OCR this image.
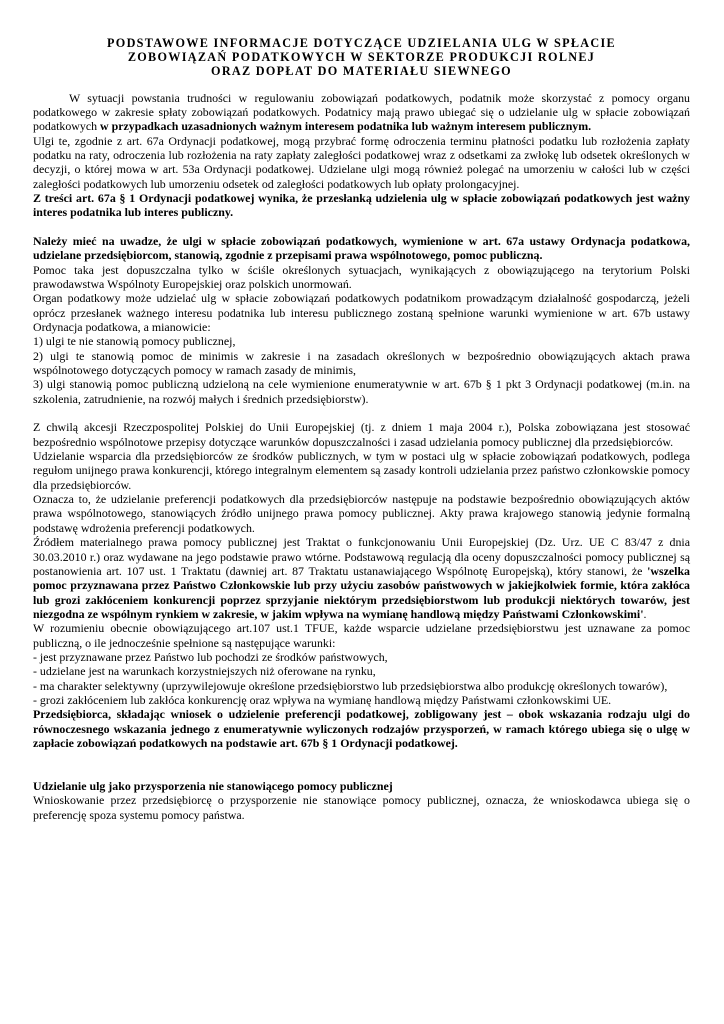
PODSTAWOWE INFORMACJE DOTYCZĄCE UDZIELANIA ULG W SPŁACIE
ZOBOWIĄZAŃ PODATKOWYCH W SEKTORZE PRODUKCJI ROLNEJ
ORAZ DOPŁAT DO MATERIAŁU SIEWNEGO

W sytuacji powstania trudności w regulowaniu zobowiązań podatkowych, podatnik może skorzystać z pomocy organu podatkowego w zakresie spłaty zobowiązań podatkowych. Podatnicy mają prawo ubiegać się o udzielanie ulg w spłacie zobowiązań podatkowych w przypadkach uzasadnionych ważnym interesem podatnika lub ważnym interesem publicznym.

Ulgi te, zgodnie z art. 67a Ordynacji podatkowej, mogą przybrać formę odroczenia terminu płatności podatku lub rozłożenia zapłaty podatku na raty, odroczenia lub rozłożenia na raty zapłaty zaległości podatkowej wraz z odsetkami za zwłokę lub odsetek określonych w decyzji, o której mowa w art. 53a Ordynacji podatkowej. Udzielane ulgi mogą również polegać na umorzeniu w całości lub w części zaległości podatkowych lub umorzeniu odsetek od zaległości podatkowych lub opłaty prolongacyjnej.

Z treści art. 67a § 1 Ordynacji podatkowej wynika, że przesłanką udzielenia ulg w spłacie zobowiązań podatkowych jest ważny interes podatnika lub interes publiczny.

Należy mieć na uwadze, że ulgi w spłacie zobowiązań podatkowych, wymienione w art. 67a ustawy Ordynacja podatkowa, udzielane przedsiębiorcom, stanowią, zgodnie z przepisami prawa wspólnotowego, pomoc publiczną.

Pomoc taka jest dopuszczalna tylko w ściśle określonych sytuacjach, wynikających z obowiązującego na terytorium Polski prawodawstwa Wspólnoty Europejskiej oraz polskich unormowań.

Organ podatkowy może udzielać ulg w spłacie zobowiązań podatkowych podatnikom prowadzącym działalność gospodarczą, jeżeli oprócz przesłanek ważnego interesu podatnika lub interesu publicznego zostaną spełnione warunki wymienione w art. 67b ustawy Ordynacja podatkowa, a mianowicie:

1) ulgi te nie stanowią pomocy publicznej,

2) ulgi te stanowią pomoc de minimis w zakresie i na zasadach określonych w bezpośrednio obowiązujących aktach prawa wspólnotowego dotyczących pomocy w ramach zasady de minimis,

3) ulgi stanowią pomoc publiczną udzieloną na cele wymienione enumeratywnie w art. 67b § 1 pkt 3 Ordynacji podatkowej (m.in. na szkolenia, zatrudnienie, na rozwój małych i średnich przedsiębiorstw).

Z chwilą akcesji Rzeczpospolitej Polskiej do Unii Europejskiej (tj. z dniem 1 maja 2004 r.), Polska zobowiązana jest stosować bezpośrednio wspólnotowe przepisy dotyczące warunków dopuszczalności i zasad udzielania pomocy publicznej dla przedsiębiorców.

Udzielanie wsparcia dla przedsiębiorców ze środków publicznych, w tym w postaci ulg w spłacie zobowiązań podatkowych, podlega regułom unijnego prawa konkurencji, którego integralnym elementem są zasady kontroli udzielania przez państwo członkowskie pomocy dla przedsiębiorców.

Oznacza to, że udzielanie preferencji podatkowych dla przedsiębiorców następuje na podstawie bezpośrednio obowiązujących aktów prawa wspólnotowego, stanowiących źródło unijnego prawa pomocy publicznej. Akty prawa krajowego stanowią jedynie formalną podstawę wdrożenia preferencji podatkowych.

Źródłem materialnego prawa pomocy publicznej jest Traktat o funkcjonowaniu Unii Europejskiej (Dz. Urz. UE C 83/47 z dnia 30.03.2010 r.) oraz wydawane na jego podstawie prawo wtórne. Podstawową regulacją dla oceny dopuszczalności pomocy publicznej są postanowienia art. 107 ust. 1 Traktatu (dawniej art. 87 Traktatu ustanawiającego Wspólnotę Europejską), który stanowi, że 'wszelka pomoc przyznawana przez Państwo Członkowskie lub przy użyciu zasobów państwowych w jakiejkolwiek formie, która zakłóca lub grozi zakłóceniem konkurencji poprzez sprzyjanie niektórym przedsiębiorstwom lub produkcji niektórych towarów, jest niezgodna ze wspólnym rynkiem w zakresie, w jakim wpływa na wymianę handlową między Państwami Członkowskimi'.

W rozumieniu obecnie obowiązującego art.107 ust.1 TFUE, każde wsparcie udzielane przedsiębiorstwu jest uznawane za pomoc publiczną, o ile jednocześnie spełnione są następujące warunki:

- jest przyznawane przez Państwo lub pochodzi ze środków państwowych,

- udzielane jest na warunkach korzystniejszych niż oferowane na rynku,

- ma charakter selektywny (uprzywilejowuje określone przedsiębiorstwo lub przedsiębiorstwa albo produkcję określonych towarów),

- grozi zakłóceniem lub zakłóca konkurencję oraz wpływa na wymianę handlową między Państwami członkowskimi UE.

Przedsiębiorca, składając wniosek o udzielenie preferencji podatkowej, zobligowany jest – obok wskazania rodzaju ulgi do równoczesnego wskazania jednego z enumeratywnie wyliczonych rodzajów przysporzeń, w ramach którego ubiega się o ulgę w zapłacie zobowiązań podatkowych na podstawie art. 67b § 1 Ordynacji podatkowej.

Udzielanie ulg jako przysporzenia nie stanowiącego pomocy publicznej

Wnioskowanie przez przedsiębiorcę o przysporzenie nie stanowiące pomocy publicznej, oznacza, że wnioskodawca ubiega się o preferencję spoza systemu pomocy państwa.
